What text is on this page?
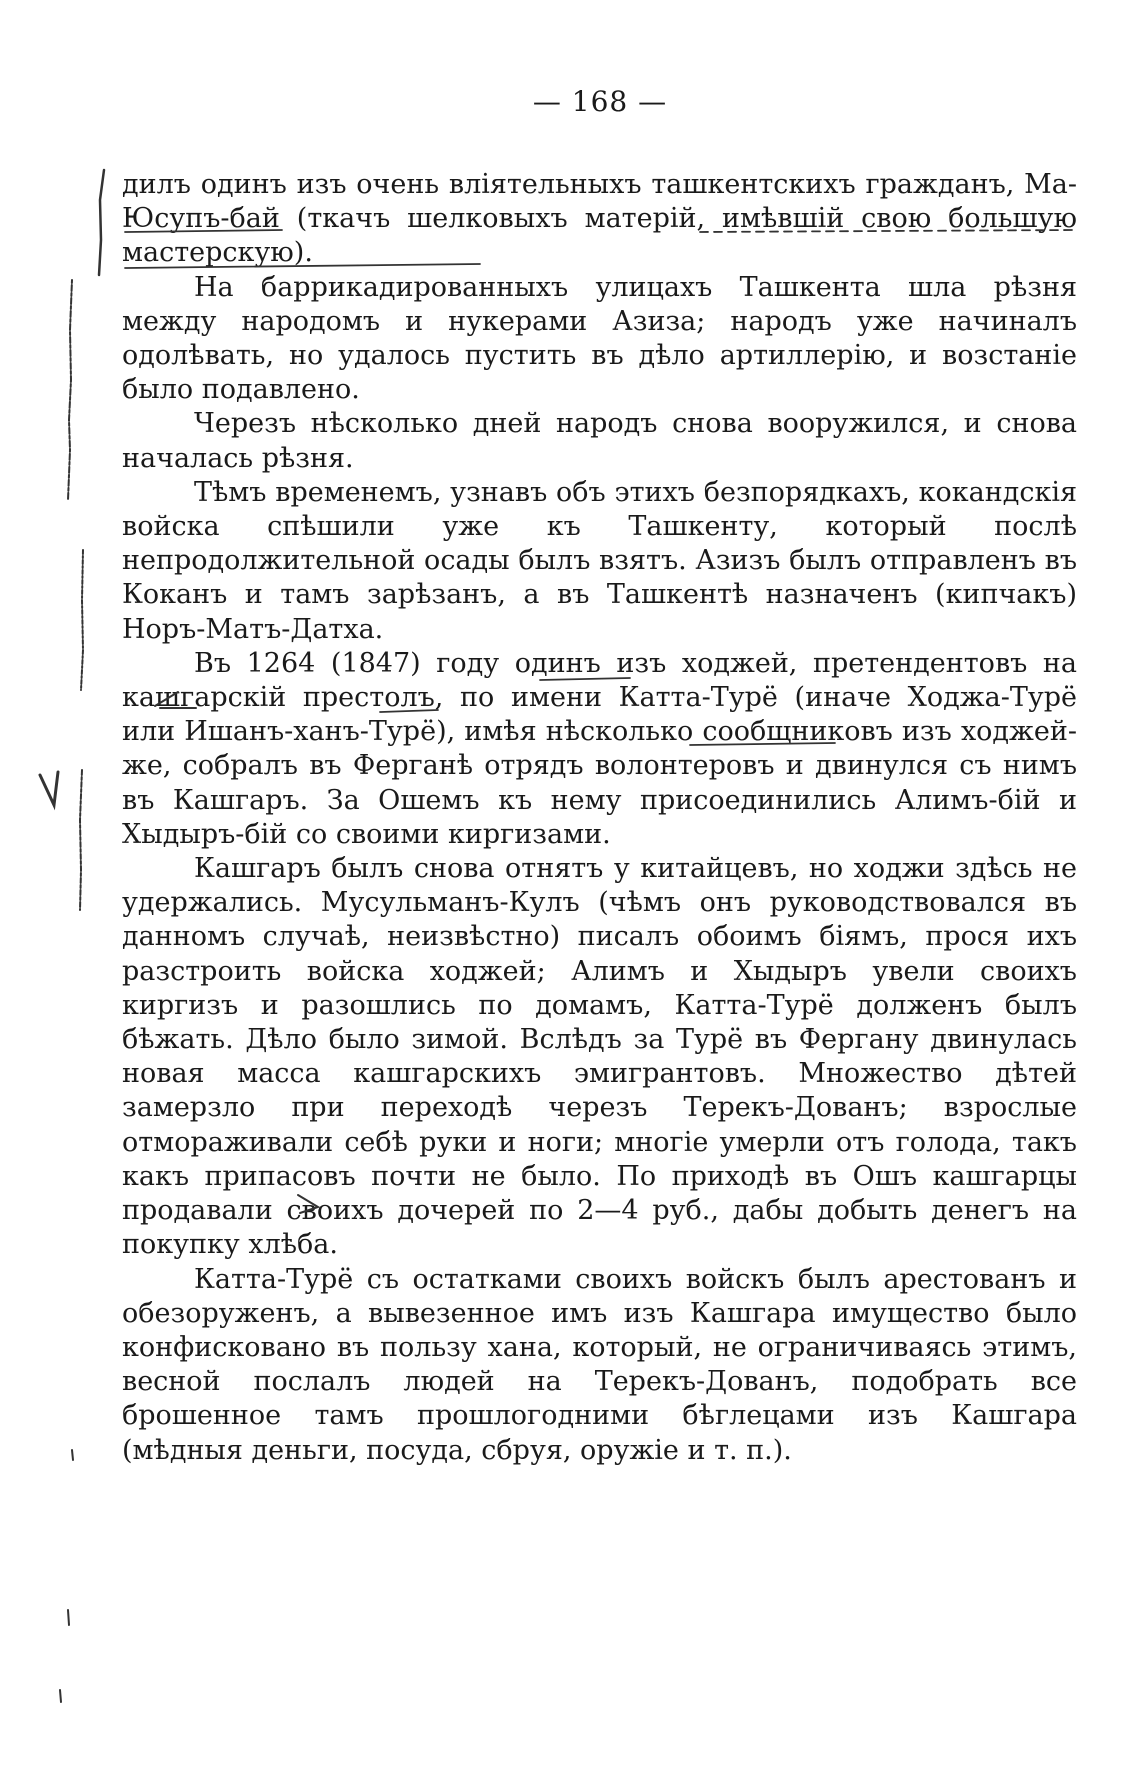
— 168 —

дилъ одинъ изъ очень вліятельныхъ ташкентскихъ гражданъ, Ма-Юсупъ-бай (ткачъ шелковыхъ матерій, имѣвшій свою большую мастерскую).

На баррикадированныхъ улицахъ Ташкента шла рѣзня между народомъ и нукерами Азиза; народъ уже начиналъ одолѣвать, но удалось пустить въ дѣло артиллерію, и возстаніе было подавлено.

Черезъ нѣсколько дней народъ снова вооружился, и снова началась рѣзня.

Тѣмъ временемъ, узнавъ объ этихъ безпорядкахъ, кокандскія войска спѣшили уже къ Ташкенту, который послѣ непродолжительной осады былъ взятъ. Азизъ былъ отправленъ въ Коканъ и тамъ зарѣзанъ, а въ Ташкентѣ назначенъ (кипчакъ) Норъ-Матъ-Датха.

Въ 1264 (1847) году одинъ изъ ходжей, претендентовъ на кашгарскій престолъ, по имени Катта-Турё (иначе Ходжа-Турё или Ишанъ-ханъ-Турё), имѣя нѣсколько сообщниковъ изъ ходжей-же, собралъ въ Ферганѣ отрядъ волонтеровъ и двинулся съ нимъ въ Кашгаръ. За Ошемъ къ нему присоединились Алимъ-бій и Хыдыръ-бій со своими киргизами.

Кашгаръ былъ снова отнятъ у китайцевъ, но ходжи здѣсь не удержались. Мусульманъ-Кулъ (чѣмъ онъ руководствовался въ данномъ случаѣ, неизвѣстно) писалъ обоимъ біямъ, прося ихъ разстроить войска ходжей; Алимъ и Хыдыръ увели своихъ киргизъ и разошлись по домамъ, Катта-Турё долженъ былъ бѣжать. Дѣло было зимой. Вслѣдъ за Турё въ Фергану двинулась новая масса кашгарскихъ эмигрантовъ. Множество дѣтей замерзло при переходѣ черезъ Терекъ-Дованъ; взрослые отмораживали себѣ руки и ноги; многіе умерли отъ голода, такъ какъ припасовъ почти не было. По приходѣ въ Ошъ кашгарцы продавали своихъ дочерей по 2—4 руб., дабы добыть денегъ на покупку хлѣба.

Катта-Турё съ остатками своихъ войскъ былъ арестованъ и обезоруженъ, а вывезенное имъ изъ Кашгара имущество было конфисковано въ пользу хана, который, не ограничиваясь этимъ, весной послалъ людей на Терекъ-Дованъ, подобрать все брошенное тамъ прошлогодними бѣглецами изъ Кашгара (мѣдныя деньги, посуда, сбруя, оружіе и т. п.).
